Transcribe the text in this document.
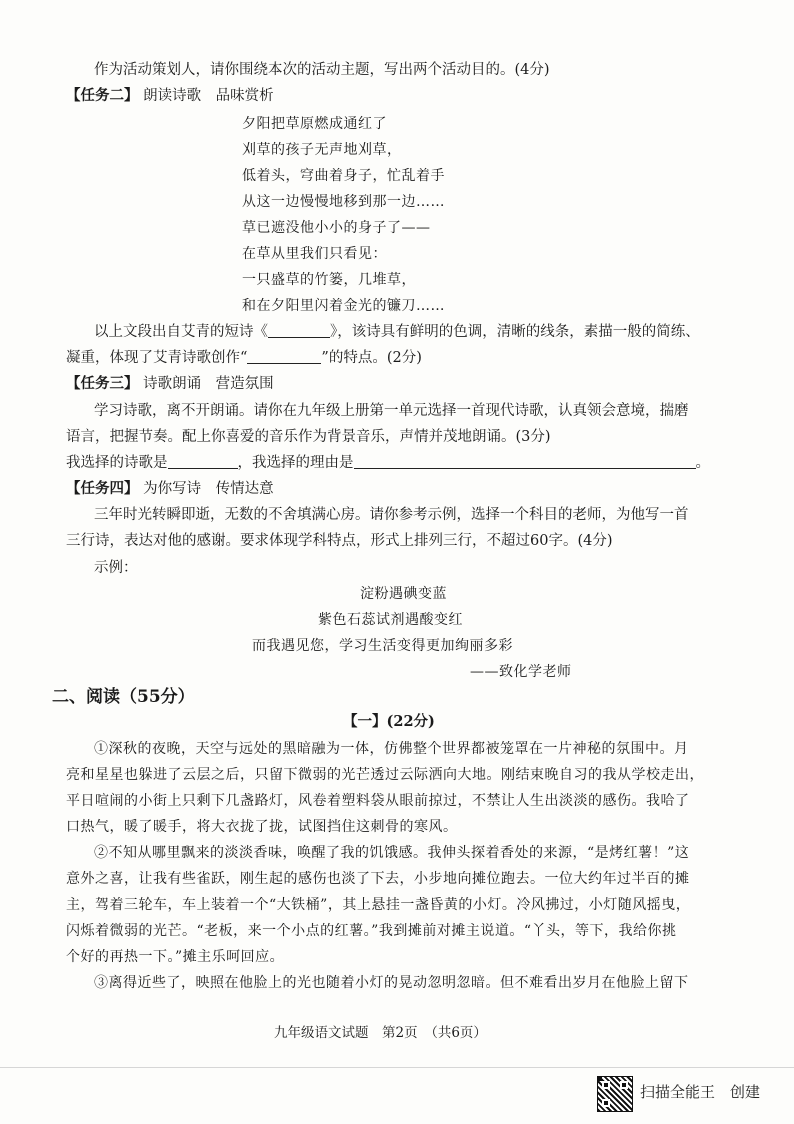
作为活动策划人，请你围绕本次的活动主题，写出两个活动目的。(4分)
【任务二】 朗读诗歌　品味赏析
夕阳把草原燃成通红了
刈草的孩子无声地刈草，
低着头，穹曲着身子，忙乱着手
从这一边慢慢地移到那一边……
草已遮没他小小的身子了——
在草从里我们只看见：
一只盛草的竹篓，几堆草，
和在夕阳里闪着金光的镰刀……
以上文段出自艾青的短诗《	》，该诗具有鲜明的色调，清晰的线条，素描一般的简练、
凝重，体现了艾青诗歌创作“	”的特点。(2分)
【任务三】 诗歌朗诵　营造氛围
学习诗歌，离不开朗诵。请你在九年级上册第一单元选择一首现代诗歌，认真领会意境，揣磨
语言，把握节奏。配上你喜爱的音乐作为背景音乐，声情并茂地朗诵。(3分)
我选择的诗歌是	，我选择的理由是	。
【任务四】 为你写诗　传情达意
三年时光转瞬即逝，无数的不舍填满心房。请你参考示例，选择一个科目的老师，为他写一首
三行诗，表达对他的感谢。要求体现学科特点，形式上排列三行，不超过60字。(4分)
示例：
淀粉遇碘变蓝
紫色石蕊试剂遇酸变红
而我遇见您，学习生活变得更加绚丽多彩
——致化学老师
二、阅读（55分）
【一】(22分)
①深秋的夜晚，天空与远处的黑暗融为一体，仿佛整个世界都被笼罩在一片神秘的氛围中。月
亮和星星也躲进了云层之后，只留下微弱的光芒透过云际洒向大地。刚结束晚自习的我从学校走出，
平日喧闹的小街上只剩下几盏路灯，风卷着塑料袋从眼前掠过，不禁让人生出淡淡的感伤。我哈了
口热气，暖了暖手，将大衣拢了拢，试图挡住这刺骨的寒风。
②不知从哪里飘来的淡淡香味，唤醒了我的饥饿感。我伸头探着香处的来源，“是烤红薯！”这
意外之喜，让我有些雀跃，刚生起的感伤也淡了下去，小步地向摊位跑去。一位大约年过半百的摊
主，驾着三轮车，车上装着一个“大铁桶”，其上悬挂一盏昏黄的小灯。冷风拂过，小灯随风摇曳，
闪烁着微弱的光芒。“老板，来一个小点的红薯。”我到摊前对摊主说道。“丫头，等下，我给你挑
个好的再热一下。”摊主乐呵回应。
③离得近些了，映照在他脸上的光也随着小灯的晃动忽明忽暗。但不难看出岁月在他脸上留下
九年级语文试题　第2页　（共6页）
扫描全能王　创建
